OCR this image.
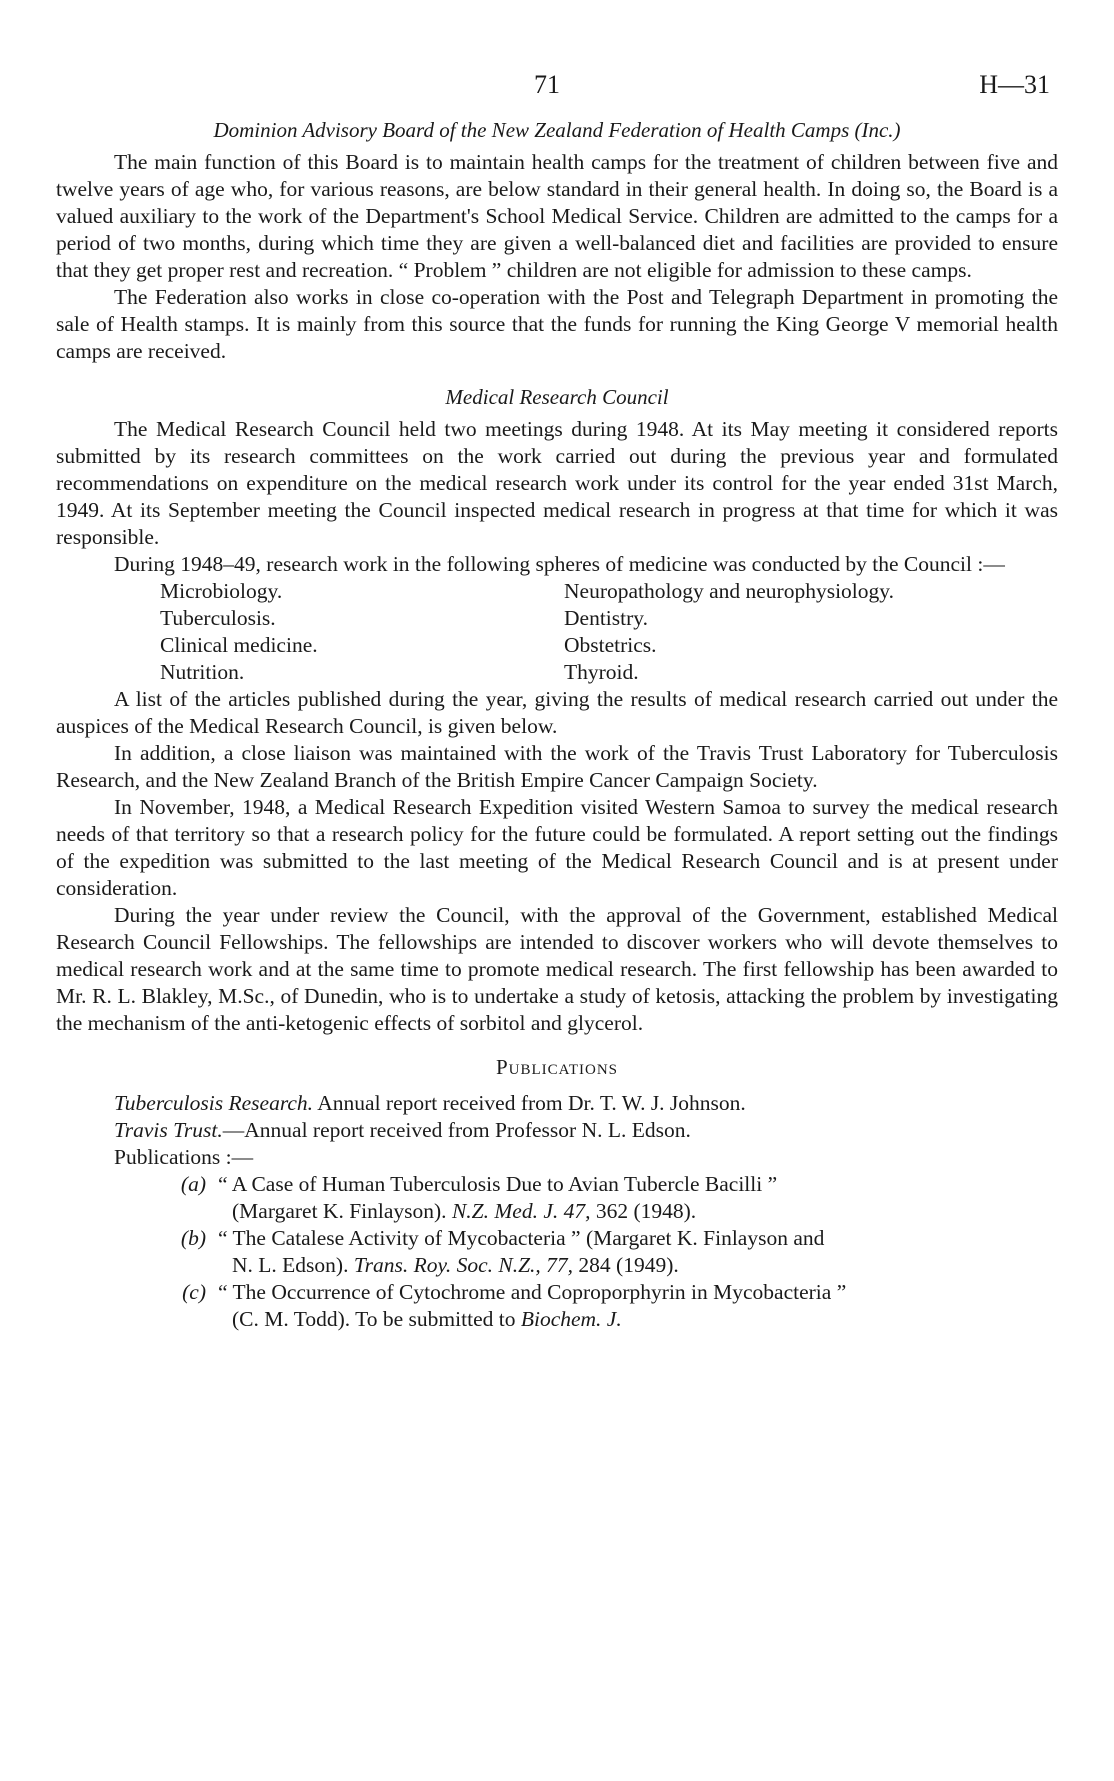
71	H—31
Dominion Advisory Board of the New Zealand Federation of Health Camps (Inc.)

The main function of this Board is to maintain health camps for the treatment of children between five and twelve years of age who, for various reasons, are below standard in their general health. In doing so, the Board is a valued auxiliary to the work of the Department's School Medical Service. Children are admitted to the camps for a period of two months, during which time they are given a well-balanced diet and facilities are provided to ensure that they get proper rest and recreation. “ Problem ” children are not eligible for admission to these camps.

The Federation also works in close co-operation with the Post and Telegraph Department in promoting the sale of Health stamps. It is mainly from this source that the funds for running the King George V memorial health camps are received.

Medical Research Council

The Medical Research Council held two meetings during 1948. At its May meeting it considered reports submitted by its research committees on the work carried out during the previous year and formulated recommendations on expenditure on the medical research work under its control for the year ended 31st March, 1949. At its September meeting the Council inspected medical research in progress at that time for which it was responsible.

During 1948–49, research work in the following spheres of medicine was conducted by the Council :—

Microbiology.	Neuropathology and neurophysiology.
Tuberculosis.	Dentistry.
Clinical medicine.	Obstetrics.
Nutrition.	Thyroid.

A list of the articles published during the year, giving the results of medical research carried out under the auspices of the Medical Research Council, is given below.

In addition, a close liaison was maintained with the work of the Travis Trust Laboratory for Tuberculosis Research, and the New Zealand Branch of the British Empire Cancer Campaign Society.

In November, 1948, a Medical Research Expedition visited Western Samoa to survey the medical research needs of that territory so that a research policy for the future could be formulated. A report setting out the findings of the expedition was submitted to the last meeting of the Medical Research Council and is at present under consideration.

During the year under review the Council, with the approval of the Government, established Medical Research Council Fellowships. The fellowships are intended to discover workers who will devote themselves to medical research work and at the same time to promote medical research. The first fellowship has been awarded to Mr. R. L. Blakley, M.Sc., of Dunedin, who is to undertake a study of ketosis, attacking the problem by investigating the mechanism of the anti-ketogenic effects of sorbitol and glycerol.

Publications
Tuberculosis Research. Annual report received from Dr. T. W. J. Johnson.
Travis Trust.—Annual report received from Professor N. L. Edson.
Publications :—
(a) “ A Case of Human Tuberculosis Due to Avian Tubercle Bacilli ”
(Margaret K. Finlayson). N.Z. Med. J. 47, 362 (1948).
(b) “ The Catalese Activity of Mycobacteria ” (Margaret K. Finlayson and
N. L. Edson). Trans. Roy. Soc. N.Z., 77, 284 (1949).
(c) “ The Occurrence of Cytochrome and Coproporphyrin in Mycobacteria ”
(C. M. Todd). To be submitted to Biochem. J.
